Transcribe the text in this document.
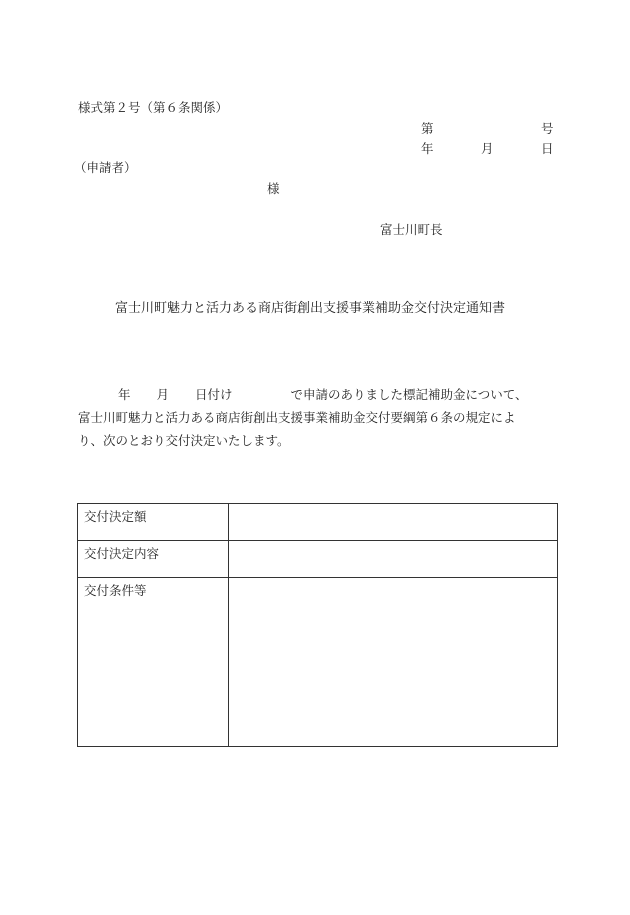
様式第２号（第６条関係）
第	号
年	月	日
（申請者）
様
富士川町長
富士川町魅力と活力ある商店街創出支援事業補助金交付決定通知書
年 月 日付け	で申請のありました標記補助金について、
富士川町魅力と活力ある商店街創出支援事業補助金交付要綱第６条の規定によ
り、次のとおり交付決定いたします。
交付決定額	
交付決定内容	
交付条件等	
